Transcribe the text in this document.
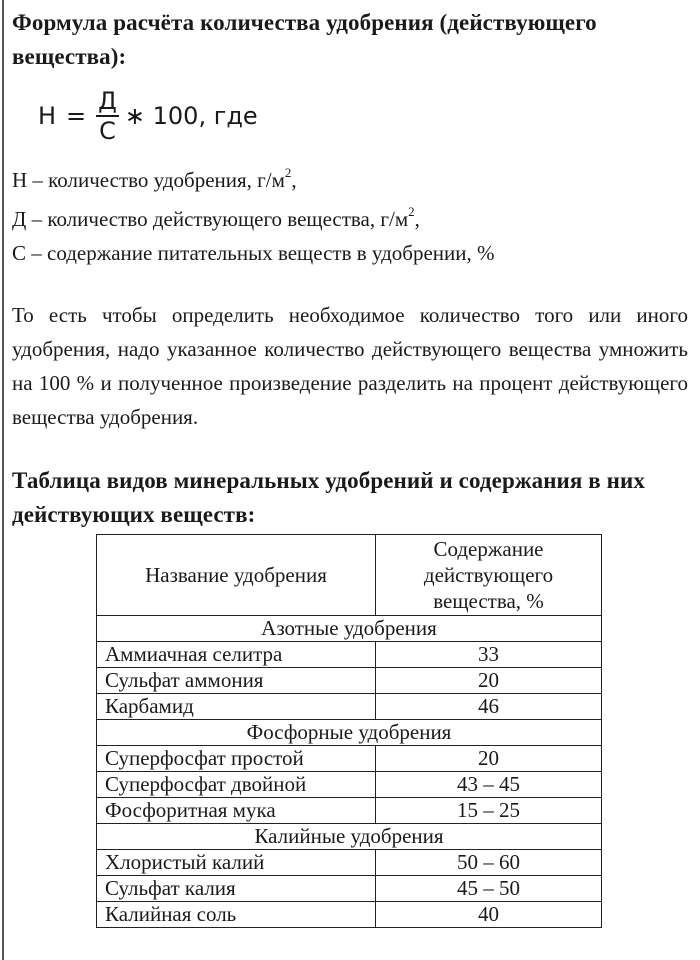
Формула расчёта количества удобрения (действующего вещества):

$Н = \frac{Д}{С}$ ∗ 100, где

Н – количество удобрения, $г/м^2$,

Д – количество действующего вещества, $г/м^2$,

С – содержание питательных веществ в удобрении, %

То есть чтобы определить необходимое количество того или иного удобрения, надо указанное количество действующего вещества умножить на 100 % и полученное произведение разделить на процент действующего вещества удобрения.

Таблица видов минеральных удобрений и содержания в них действующих веществ:

Название удобрения	Содержание действующего вещества, %
Азотные удобрения	
Аммиачная селитра	33
Сульфат аммония	20
Карбамид	46
Фосфорные удобрения	
Суперфосфат простой	20
Суперфосфат двойной	43 – 45
Фосфоритная мука	15 – 25
Калийные удобрения	
Хлористый калий	50 – 60
Сульфат калия	45 – 50
Калийная соль	40
